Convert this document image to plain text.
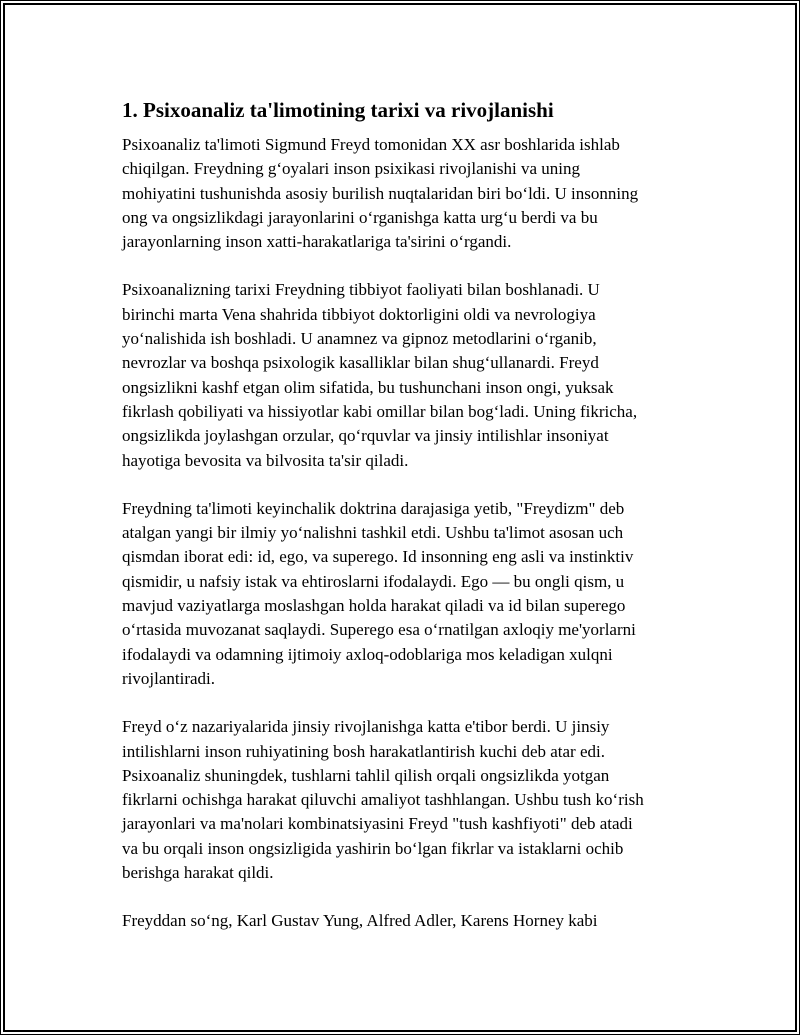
1. Psixoanaliz ta'limotining tarixi va rivojlanishi

Psixoanaliz ta'limoti Sigmund Freyd tomonidan XX asr boshlarida ishlab
chiqilgan. Freydning g‘oyalari inson psixikasi rivojlanishi va uning
mohiyatini tushunishda asosiy burilish nuqtalaridan biri bo‘ldi. U insonning
ong va ongsizlikdagi jarayonlarini o‘rganishga katta urg‘u berdi va bu
jarayonlarning inson xatti-harakatlariga ta'sirini o‘rgandi.

Psixoanalizning tarixi Freydning tibbiyot faoliyati bilan boshlanadi. U
birinchi marta Vena shahrida tibbiyot doktorligini oldi va nevrologiya
yo‘nalishida ish boshladi. U anamnez va gipnoz metodlarini o‘rganib,
nevrozlar va boshqa psixologik kasalliklar bilan shug‘ullanardi. Freyd
ongsizlikni kashf etgan olim sifatida, bu tushunchani inson ongi, yuksak
fikrlash qobiliyati va hissiyotlar kabi omillar bilan bog‘ladi. Uning fikricha,
ongsizlikda joylashgan orzular, qo‘rquvlar va jinsiy intilishlar insoniyat
hayotiga bevosita va bilvosita ta'sir qiladi.

Freydning ta'limoti keyinchalik doktrina darajasiga yetib, "Freydizm" deb
atalgan yangi bir ilmiy yo‘nalishni tashkil etdi. Ushbu ta'limot asosan uch
qismdan iborat edi: id, ego, va superego. Id insonning eng asli va instinktiv
qismidir, u nafsiy istak va ehtiroslarni ifodalaydi. Ego — bu ongli qism, u
mavjud vaziyatlarga moslashgan holda harakat qiladi va id bilan superego
o‘rtasida muvozanat saqlaydi. Superego esa o‘rnatilgan axloqiy me'yorlarni
ifodalaydi va odamning ijtimoiy axloq-odoblariga mos keladigan xulqni
rivojlantiradi.

Freyd o‘z nazariyalarida jinsiy rivojlanishga katta e'tibor berdi. U jinsiy
intilishlarni inson ruhiyatining bosh harakatlantirish kuchi deb atar edi.
Psixoanaliz shuningdek, tushlarni tahlil qilish orqali ongsizlikda yotgan
fikrlarni ochishga harakat qiluvchi amaliyot tashhlangan. Ushbu tush ko‘rish
jarayonlari va ma'nolari kombinatsiyasini Freyd "tush kashfiyoti" deb atadi
va bu orqali inson ongsizligida yashirin bo‘lgan fikrlar va istaklarni ochib
berishga harakat qildi.

Freyddan so‘ng, Karl Gustav Yung, Alfred Adler, Karens Horney kabi
